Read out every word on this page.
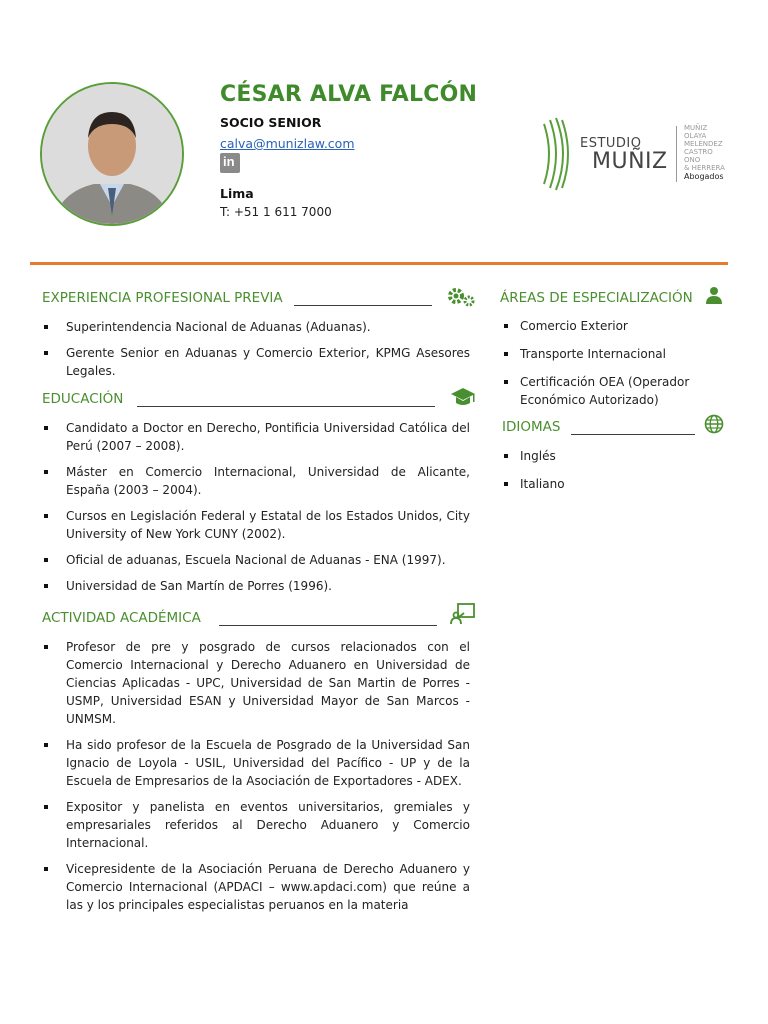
CÉSAR ALVA FALCÓN
SOCIO SENIOR
calva@munizlaw.com
in
Lima
T: +51 1 611 7000
ESTUDIO
MUÑIZ
MUÑIZ
OLAYA
MELÉNDEZ
CASTRO
ONO
& HERRERA
Abogados
EXPERIENCIA PROFESIONAL PREVIA
Superintendencia Nacional de Aduanas (Aduanas).
Gerente Senior en Aduanas y Comercio Exterior, KPMG Asesores Legales.
EDUCACIÓN
Candidato a Doctor en Derecho, Pontificia Universidad Católica del Perú (2007 – 2008).
Máster en Comercio Internacional, Universidad de Alicante, España (2003 – 2004).
Cursos en Legislación Federal y Estatal de los Estados Unidos, City University of New York CUNY (2002).
Oficial de aduanas, Escuela Nacional de Aduanas - ENA (1997).
Universidad de San Martín de Porres (1996).
ACTIVIDAD ACADÉMICA
Profesor de pre y posgrado de cursos relacionados con el Comercio Internacional y Derecho Aduanero en Universidad de Ciencias Aplicadas - UPC, Universidad de San Martin de Porres - USMP, Universidad ESAN y Universidad Mayor de San Marcos - UNMSM.
Ha sido profesor de la Escuela de Posgrado de la Universidad San Ignacio de Loyola - USIL, Universidad del Pacífico - UP y de la Escuela de Empresarios de la Asociación de Exportadores - ADEX.
Expositor y panelista en eventos universitarios, gremiales y empresariales referidos al Derecho Aduanero y Comercio Internacional.
Vicepresidente de la Asociación Peruana de Derecho Aduanero y Comercio Internacional (APDACI – www.apdaci.com) que reúne a las y los principales especialistas peruanos en la materia
ÁREAS DE ESPECIALIZACIÓN
Comercio Exterior
Transporte Internacional
Certificación OEA (Operador Económico Autorizado)
IDIOMAS
Inglés
Italiano
